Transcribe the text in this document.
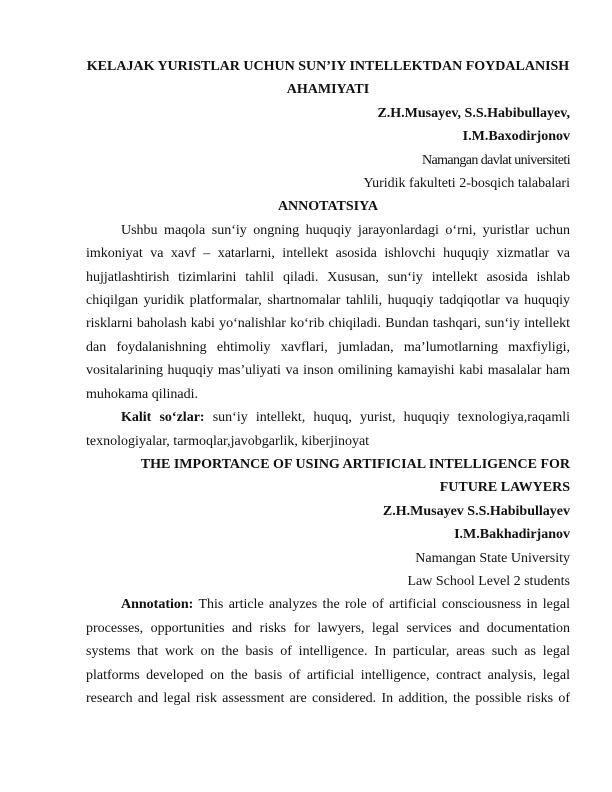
KELAJAK YURISTLAR UCHUN SUN’IY INTELLEKTDAN FOYDALANISH

AHAMIYATI

Z.H.Musayev, S.S.Habibullayev,

I.M.Baxodirjonov

Namangan davlat universiteti

Yuridik fakulteti 2-bosqich talabalari

ANNOTATSIYA

Ushbu maqola sun‘iy ongning huquqiy jarayonlardagi o‘rni, yuristlar uchun imkoniyat va xavf – xatarlarni, intellekt asosida ishlovchi huquqiy xizmatlar va hujjatlashtirish tizimlarini tahlil qiladi. Xususan, sun‘iy intellekt asosida ishlab chiqilgan yuridik platformalar, shartnomalar tahlili, huquqiy tadqiqotlar va huquqiy risklarni baholash kabi yo‘nalishlar ko‘rib chiqiladi. Bundan tashqari, sun‘iy intellekt dan foydalanishning ehtimoliy xavflari, jumladan, ma’lumotlarning maxfiyligi, vositalarining huquqiy mas’uliyati va inson omilining kamayishi kabi masalalar ham muhokama qilinadi.

Kalit so‘zlar: sun‘iy intellekt, huquq, yurist, huquqiy texnologiya,raqamli texnologiyalar, tarmoqlar,javobgarlik, kiberjinoyat

THE IMPORTANCE OF USING ARTIFICIAL INTELLIGENCE FOR

FUTURE LAWYERS

Z.H.Musayev S.S.Habibullayev

I.M.Bakhadirjanov

Namangan State University

Law School Level 2 students

Annotation: This article analyzes the role of artificial consciousness in legal processes, opportunities and risks for lawyers, legal services and documentation systems that work on the basis of intelligence. In particular, areas such as legal platforms developed on the basis of artificial intelligence, contract analysis, legal research and legal risk assessment are considered. In addition, the possible risks of
